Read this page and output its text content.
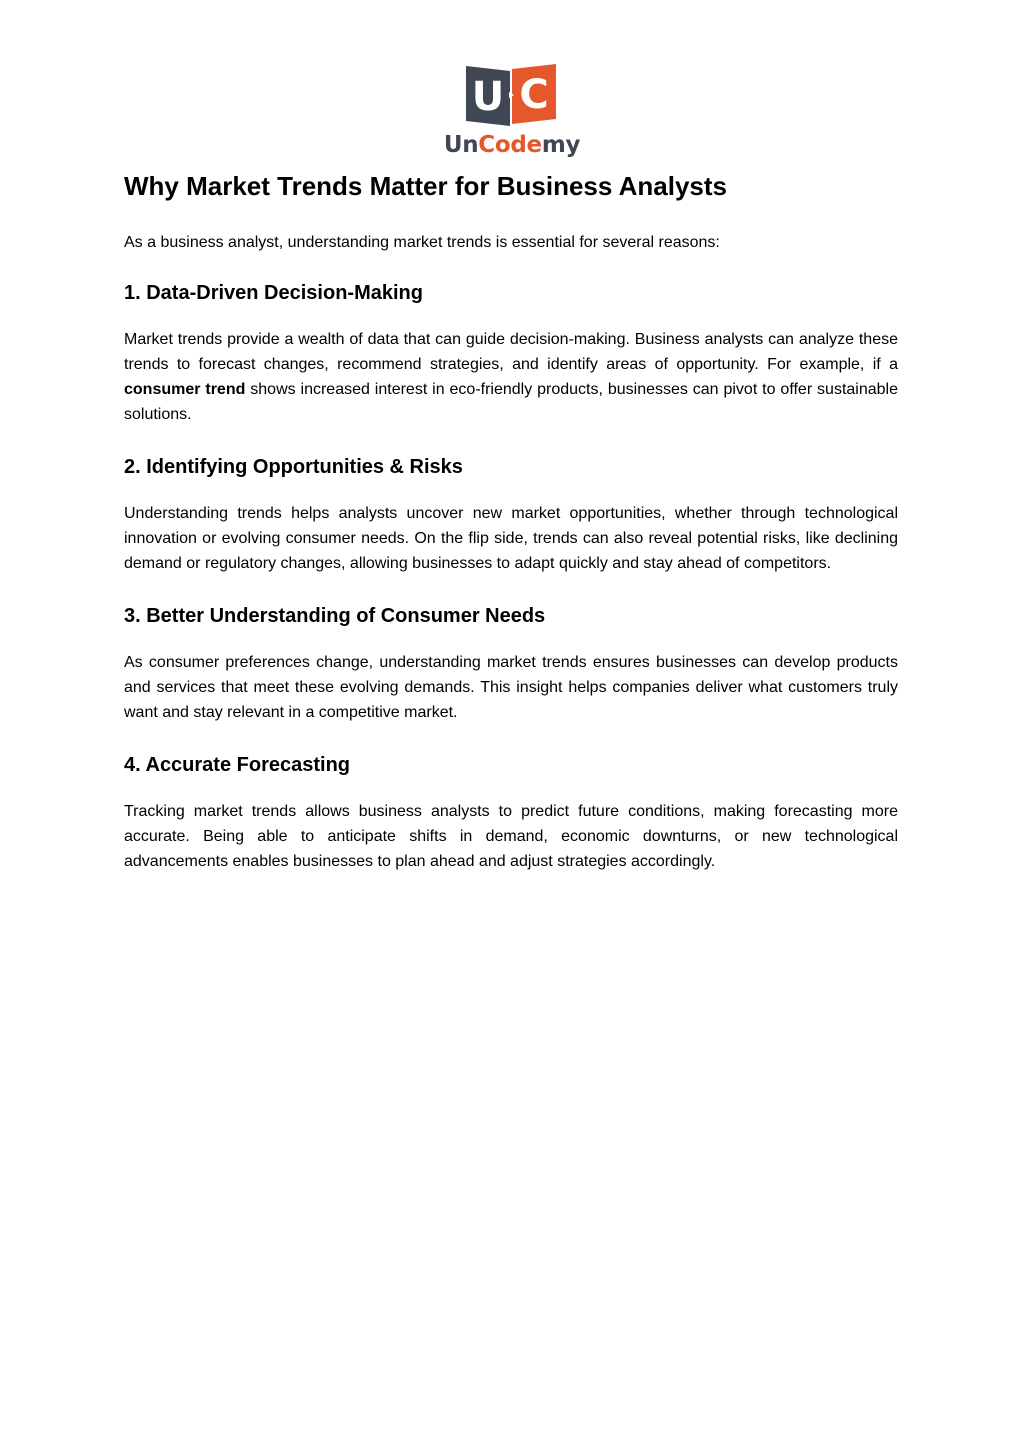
U C
UnCodemy
Why Market Trends Matter for Business Analysts

As a business analyst, understanding market trends is essential for several reasons:

1. Data-Driven Decision-Making

Market trends provide a wealth of data that can guide decision-making. Business analysts can analyze these trends to forecast changes, recommend strategies, and identify areas of opportunity. For example, if a consumer trend shows increased interest in eco-friendly products, businesses can pivot to offer sustainable solutions.

2. Identifying Opportunities & Risks

Understanding trends helps analysts uncover new market opportunities, whether through technological innovation or evolving consumer needs. On the flip side, trends can also reveal potential risks, like declining demand or regulatory changes, allowing businesses to adapt quickly and stay ahead of competitors.

3. Better Understanding of Consumer Needs

As consumer preferences change, understanding market trends ensures businesses can develop products and services that meet these evolving demands. This insight helps companies deliver what customers truly want and stay relevant in a competitive market.

4. Accurate Forecasting

Tracking market trends allows business analysts to predict future conditions, making forecasting more accurate. Being able to anticipate shifts in demand, economic downturns, or new technological advancements enables businesses to plan ahead and adjust strategies accordingly.
